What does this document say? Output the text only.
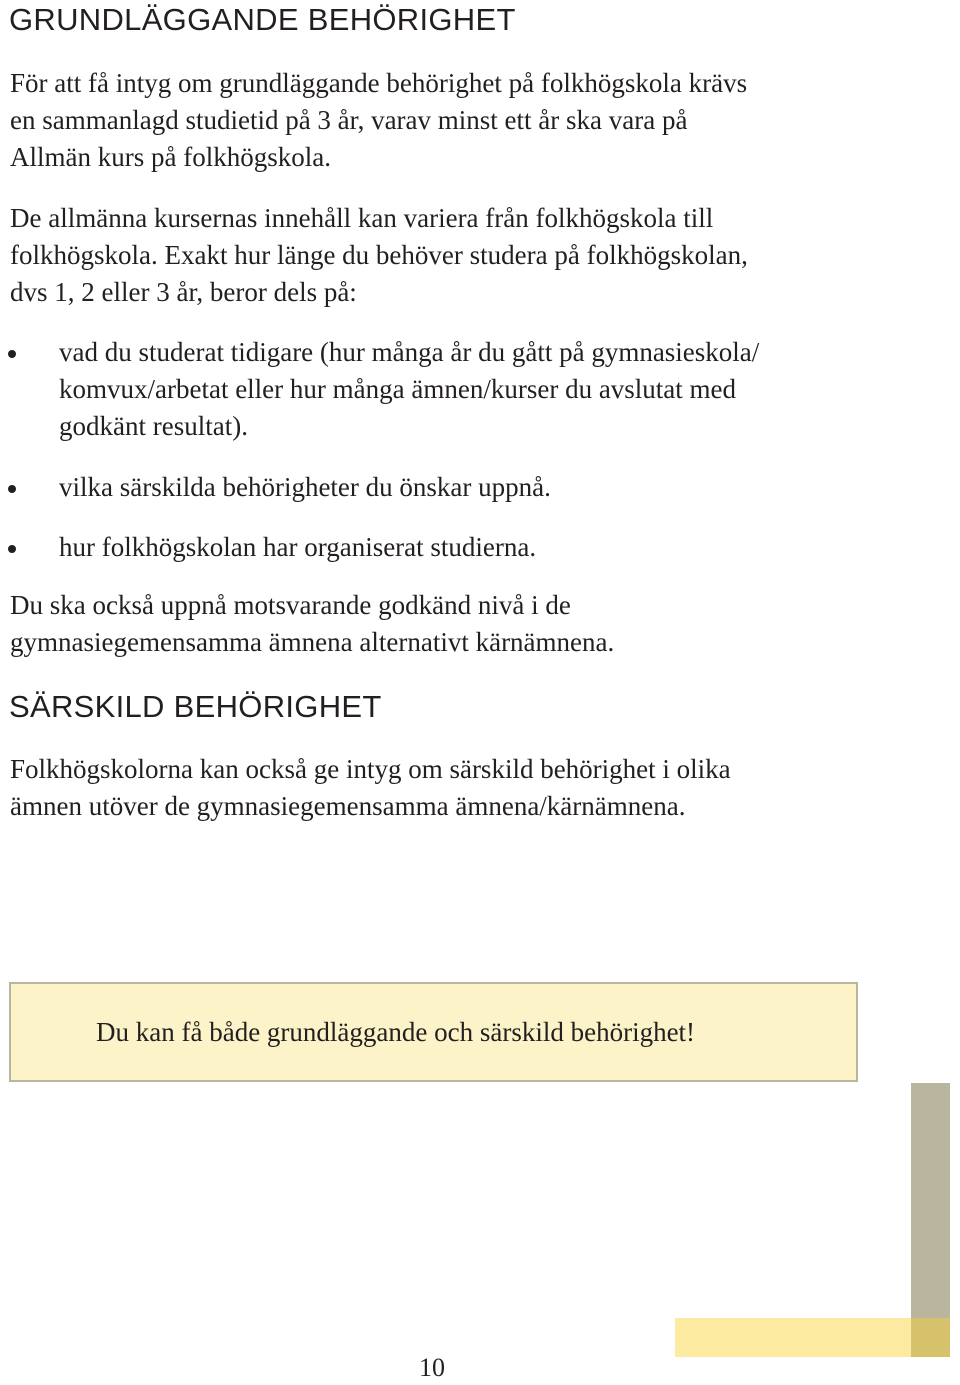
GRUNDLÄGGANDE BEHÖRIGHET

För att få intyg om grundläggande behörighet på folkhögskola krävs
en sammanlagd studietid på 3 år, varav minst ett år ska vara på
Allmän kurs på folkhögskola.

De allmänna kursernas innehåll kan variera från folkhögskola till
folkhögskola. Exakt hur länge du behöver studera på folkhögskolan,
dvs 1, 2 eller 3 år, beror dels på:

vad du studerat tidigare (hur många år du gått på gymnasieskola/
komvux/arbetat eller hur många ämnen/kurser du avslutat med
godkänt resultat).

vilka särskilda behörigheter du önskar uppnå.

hur folkhögskolan har organiserat studierna.

Du ska också uppnå motsvarande godkänd nivå i de
gymnasiegemensamma ämnena alternativt kärnämnena.

SÄRSKILD BEHÖRIGHET

Folkhögskolorna kan också ge intyg om särskild behörighet i olika
ämnen utöver de gymnasiegemensamma ämnena/kärnämnena.

Du kan få både grundläggande och särskild behörighet!
10
